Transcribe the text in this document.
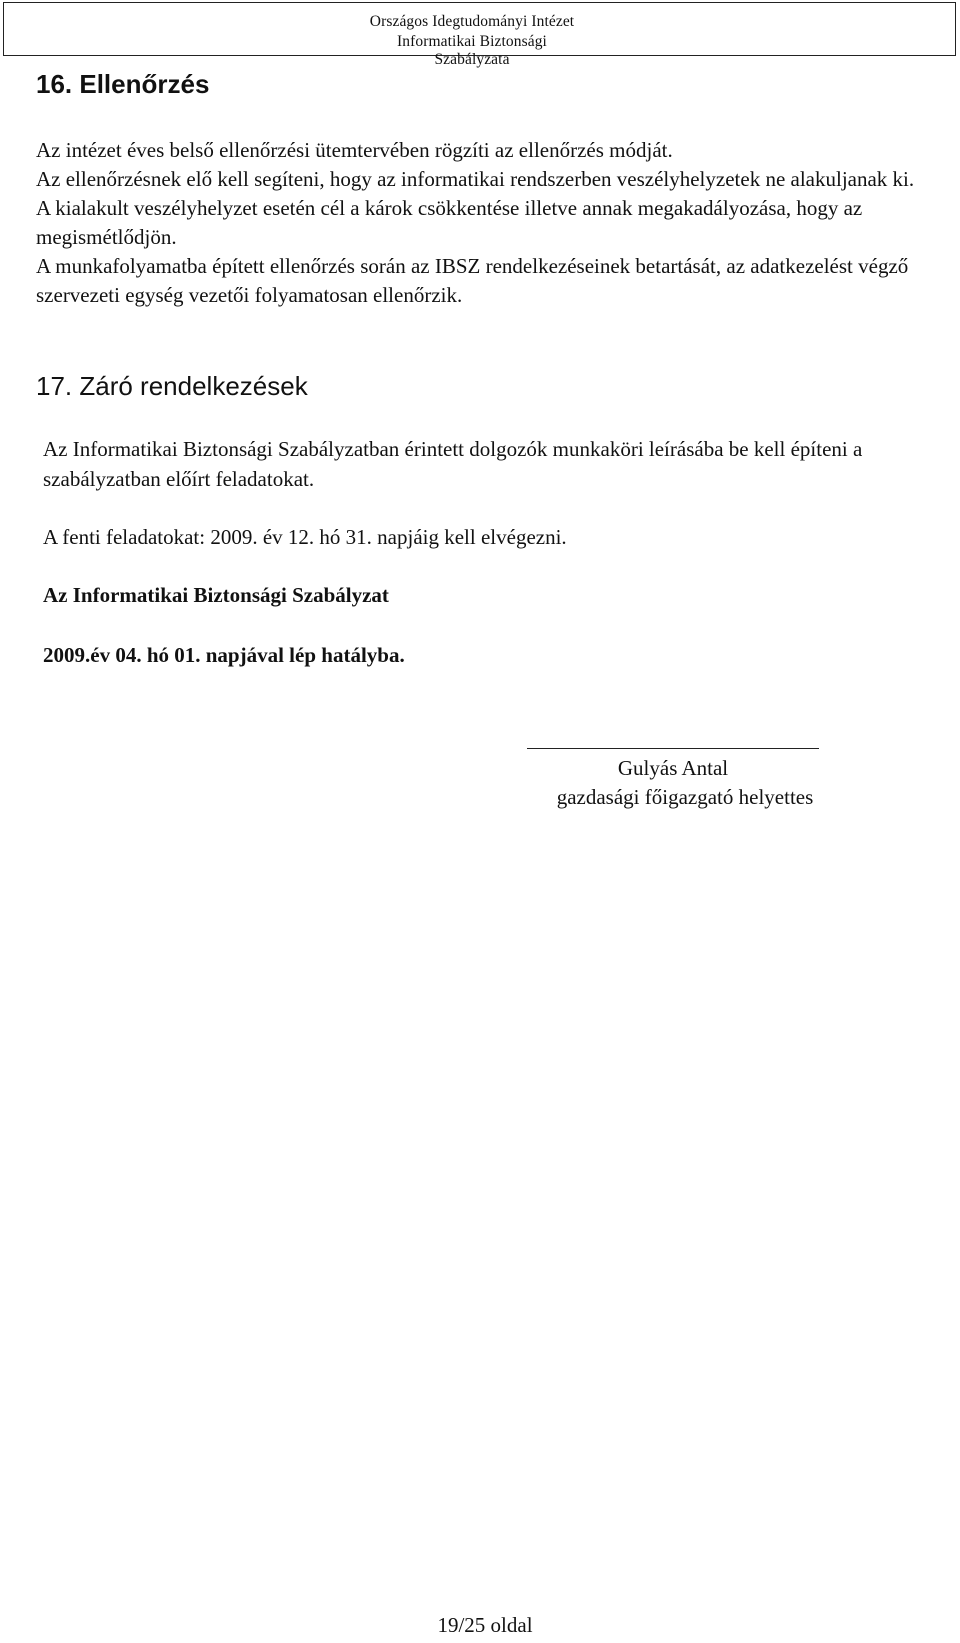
Országos Idegtudományi Intézet
Informatikai Biztonsági Szabályzata
16. Ellenőrzés

Az intézet éves belső ellenőrzési ütemtervében rögzíti az ellenőrzés módját.

Az ellenőrzésnek elő kell segíteni, hogy az informatikai rendszerben veszélyhelyzetek ne alakuljanak ki. A kialakult veszélyhelyzet esetén cél a károk csökkentése illetve annak megakadályozása, hogy az megismétlődjön.

A munkafolyamatba épített ellenőrzés során az IBSZ rendelkezéseinek betartását, az adatkezelést végző szervezeti egység vezetői folyamatosan ellenőrzik.

17. Záró rendelkezések

Az Informatikai Biztonsági Szabályzatban érintett dolgozók munkaköri leírásába be kell építeni a szabályzatban előírt feladatokat.

A fenti feladatokat: 2009. év 12. hó 31. napjáig kell elvégezni.

Az Informatikai Biztonsági Szabályzat
2009.év 04. hó 01. napjával lép hatályba.
Gulyás Antal
gazdasági főigazgató helyettes
19/25 oldal
